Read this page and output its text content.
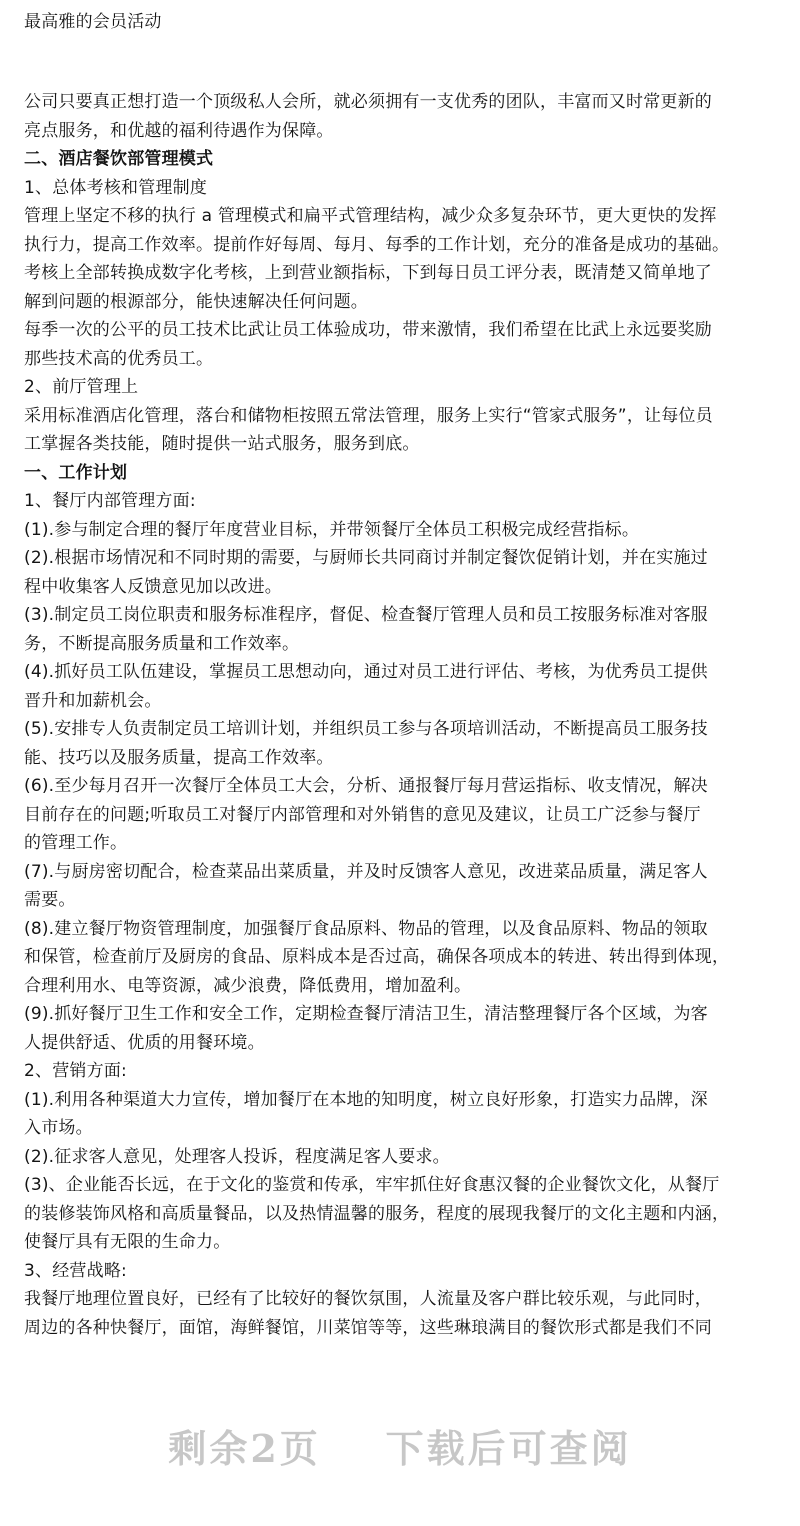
最高雅的会员活动
公司只要真正想打造一个顶级私人会所，就必须拥有一支优秀的团队，丰富而又时常更新的
亮点服务，和优越的福利待遇作为保障。
二、酒店餐饮部管理模式
1、总体考核和管理制度
管理上坚定不移的执行 a 管理模式和扁平式管理结构，减少众多复杂环节，更大更快的发挥
执行力，提高工作效率。提前作好每周、每月、每季的工作计划，充分的准备是成功的基础。
考核上全部转换成数字化考核，上到营业额指标，下到每日员工评分表，既清楚又简单地了
解到问题的根源部分，能快速解决任何问题。
每季一次的公平的员工技术比武让员工体验成功，带来激情，我们希望在比武上永远要奖励
那些技术高的优秀员工。
2、前厅管理上
采用标准酒店化管理，落台和储物柜按照五常法管理，服务上实行“管家式服务”，让每位员
工掌握各类技能，随时提供一站式服务，服务到底。
一、工作计划
1、餐厅内部管理方面:
(1).参与制定合理的餐厅年度营业目标，并带领餐厅全体员工积极完成经营指标。
(2).根据市场情况和不同时期的需要，与厨师长共同商讨并制定餐饮促销计划，并在实施过
程中收集客人反馈意见加以改进。
(3).制定员工岗位职责和服务标准程序，督促、检查餐厅管理人员和员工按服务标准对客服
务，不断提高服务质量和工作效率。
(4).抓好员工队伍建设，掌握员工思想动向，通过对员工进行评估、考核，为优秀员工提供
晋升和加薪机会。
(5).安排专人负责制定员工培训计划，并组织员工参与各项培训活动，不断提高员工服务技
能、技巧以及服务质量，提高工作效率。
(6).至少每月召开一次餐厅全体员工大会，分析、通报餐厅每月营运指标、收支情况，解决
目前存在的问题;听取员工对餐厅内部管理和对外销售的意见及建议，让员工广泛参与餐厅
的管理工作。
(7).与厨房密切配合，检查菜品出菜质量，并及时反馈客人意见，改进菜品质量，满足客人
需要。
(8).建立餐厅物资管理制度，加强餐厅食品原料、物品的管理，以及食品原料、物品的领取
和保管，检查前厅及厨房的食品、原料成本是否过高，确保各项成本的转进、转出得到体现，
合理利用水、电等资源，减少浪费，降低费用，增加盈利。
(9).抓好餐厅卫生工作和安全工作，定期检查餐厅清洁卫生，清洁整理餐厅各个区域，为客
人提供舒适、优质的用餐环境。
2、营销方面:
(1).利用各种渠道大力宣传，增加餐厅在本地的知明度，树立良好形象，打造实力品牌，深
入市场。
(2).征求客人意见，处理客人投诉，程度满足客人要求。
(3)、企业能否长远，在于文化的鉴赏和传承，牢牢抓住好食惠汉餐的企业餐饮文化，从餐厅
的装修装饰风格和高质量餐品，以及热情温馨的服务，程度的展现我餐厅的文化主题和内涵，
使餐厅具有无限的生命力。
3、经营战略:
我餐厅地理位置良好，已经有了比较好的餐饮氛围，人流量及客户群比较乐观，与此同时，
周边的各种快餐厅，面馆，海鲜餐馆，川菜馆等等，这些琳琅满目的餐饮形式都是我们不同
剩余2页    下载后可查阅
